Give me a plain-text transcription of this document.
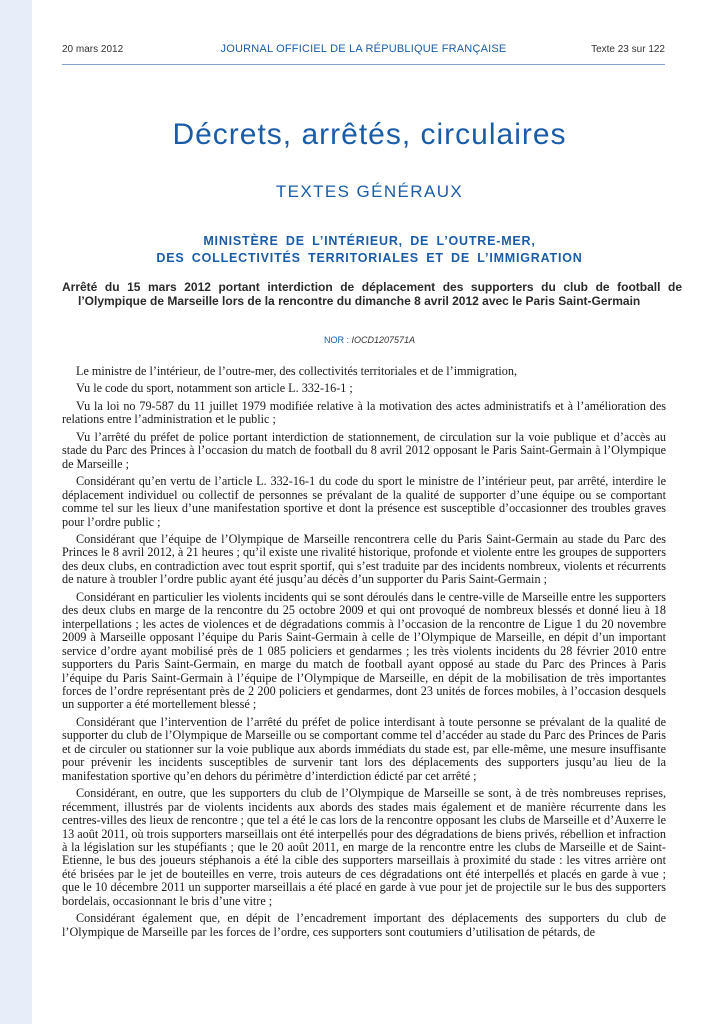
20 mars 2012	JOURNAL OFFICIEL DE LA RÉPUBLIQUE FRANÇAISE	Texte 23 sur 122
Décrets, arrêtés, circulaires
TEXTES GÉNÉRAUX
MINISTÈRE DE L’INTÉRIEUR, DE L’OUTRE-MER,
DES COLLECTIVITÉS TERRITORIALES ET DE L’IMMIGRATION
Arrêté du 15 mars 2012 portant interdiction de déplacement des supporters du club de football de l’Olympique de Marseille lors de la rencontre du dimanche 8 avril 2012 avec le Paris Saint-Germain
NOR : IOCD1207571A

Le ministre de l’intérieur, de l’outre-mer, des collectivités territoriales et de l’immigration,

Vu le code du sport, notamment son article L. 332-16-1 ;

Vu la loi no 79-587 du 11 juillet 1979 modifiée relative à la motivation des actes administratifs et à l’amélioration des relations entre l’administration et le public ;

Vu l’arrêté du préfet de police portant interdiction de stationnement, de circulation sur la voie publique et d’accès au stade du Parc des Princes à l’occasion du match de football du 8 avril 2012 opposant le Paris Saint-Germain à l’Olympique de Marseille ;

Considérant qu’en vertu de l’article L. 332-16-1 du code du sport le ministre de l’intérieur peut, par arrêté, interdire le déplacement individuel ou collectif de personnes se prévalant de la qualité de supporter d’une équipe ou se comportant comme tel sur les lieux d’une manifestation sportive et dont la présence est susceptible d’occasionner des troubles graves pour l’ordre public ;

Considérant que l’équipe de l’Olympique de Marseille rencontrera celle du Paris Saint-Germain au stade du Parc des Princes le 8 avril 2012, à 21 heures ; qu’il existe une rivalité historique, profonde et violente entre les groupes de supporters des deux clubs, en contradiction avec tout esprit sportif, qui s’est traduite par des incidents nombreux, violents et récurrents de nature à troubler l’ordre public ayant été jusqu’au décès d’un supporter du Paris Saint-Germain ;

Considérant en particulier les violents incidents qui se sont déroulés dans le centre-ville de Marseille entre les supporters des deux clubs en marge de la rencontre du 25 octobre 2009 et qui ont provoqué de nombreux blessés et donné lieu à 18 interpellations ; les actes de violences et de dégradations commis à l’occasion de la rencontre de Ligue 1 du 20 novembre 2009 à Marseille opposant l’équipe du Paris Saint-Germain à celle de l’Olympique de Marseille, en dépit d’un important service d’ordre ayant mobilisé près de 1 085 policiers et gendarmes ; les très violents incidents du 28 février 2010 entre supporters du Paris Saint-Germain, en marge du match de football ayant opposé au stade du Parc des Princes à Paris l’équipe du Paris Saint-Germain à l’équipe de l’Olympique de Marseille, en dépit de la mobilisation de très importantes forces de l’ordre représentant près de 2 200 policiers et gendarmes, dont 23 unités de forces mobiles, à l’occasion desquels un supporter a été mortellement blessé ;

Considérant que l’intervention de l’arrêté du préfet de police interdisant à toute personne se prévalant de la qualité de supporter du club de l’Olympique de Marseille ou se comportant comme tel d’accéder au stade du Parc des Princes de Paris et de circuler ou stationner sur la voie publique aux abords immédiats du stade est, par elle-même, une mesure insuffisante pour prévenir les incidents susceptibles de survenir tant lors des déplacements des supporters jusqu’au lieu de la manifestation sportive qu’en dehors du périmètre d’interdiction édicté par cet arrêté ;

Considérant, en outre, que les supporters du club de l’Olympique de Marseille se sont, à de très nombreuses reprises, récemment, illustrés par de violents incidents aux abords des stades mais également et de manière récurrente dans les centres-villes des lieux de rencontre ; que tel a été le cas lors de la rencontre opposant les clubs de Marseille et d’Auxerre le 13 août 2011, où trois supporters marseillais ont été interpellés pour des dégradations de biens privés, rébellion et infraction à la législation sur les stupéfiants ; que le 20 août 2011, en marge de la rencontre entre les clubs de Marseille et de Saint-Etienne, le bus des joueurs stéphanois a été la cible des supporters marseillais à proximité du stade : les vitres arrière ont été brisées par le jet de bouteilles en verre, trois auteurs de ces dégradations ont été interpellés et placés en garde à vue ; que le 10 décembre 2011 un supporter marseillais a été placé en garde à vue pour jet de projectile sur le bus des supporters bordelais, occasionnant le bris d’une vitre ;

Considérant également que, en dépit de l’encadrement important des déplacements des supporters du club de l’Olympique de Marseille par les forces de l’ordre, ces supporters sont coutumiers d’utilisation de pétards, de
